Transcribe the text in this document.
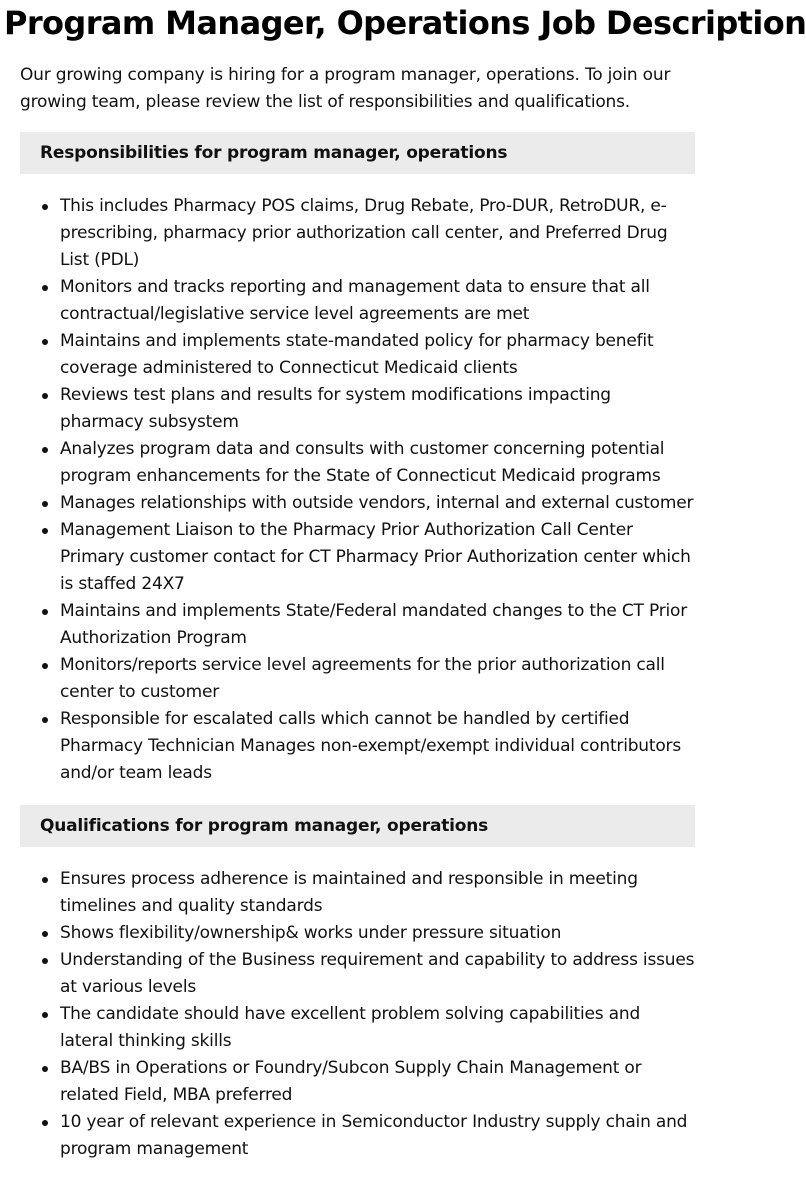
Program Manager, Operations Job Description

Our growing company is hiring for a program manager, operations. To join our growing team, please review the list of responsibilities and qualifications.

Responsibilities for program manager, operations
This includes Pharmacy POS claims, Drug Rebate, Pro-DUR, RetroDUR, e-prescribing, pharmacy prior authorization call center, and Preferred Drug List (PDL)
Monitors and tracks reporting and management data to ensure that all contractual/legislative service level agreements are met
Maintains and implements state-mandated policy for pharmacy benefit coverage administered to Connecticut Medicaid clients
Reviews test plans and results for system modifications impacting pharmacy subsystem
Analyzes program data and consults with customer concerning potential program enhancements for the State of Connecticut Medicaid programs
Manages relationships with outside vendors, internal and external customer
Management Liaison to the Pharmacy Prior Authorization Call Center Primary customer contact for CT Pharmacy Prior Authorization center which is staffed 24X7
Maintains and implements State/Federal mandated changes to the CT Prior Authorization Program
Monitors/reports service level agreements for the prior authorization call center to customer
Responsible for escalated calls which cannot be handled by certified Pharmacy Technician Manages non-exempt/exempt individual contributors and/or team leads
Qualifications for program manager, operations
Ensures process adherence is maintained and responsible in meeting timelines and quality standards
Shows flexibility/ownership& works under pressure situation
Understanding of the Business requirement and capability to address issues at various levels
The candidate should have excellent problem solving capabilities and lateral thinking skills
BA/BS in Operations or Foundry/Subcon Supply Chain Management or related Field, MBA preferred
10 year of relevant experience in Semiconductor Industry supply chain and program management
